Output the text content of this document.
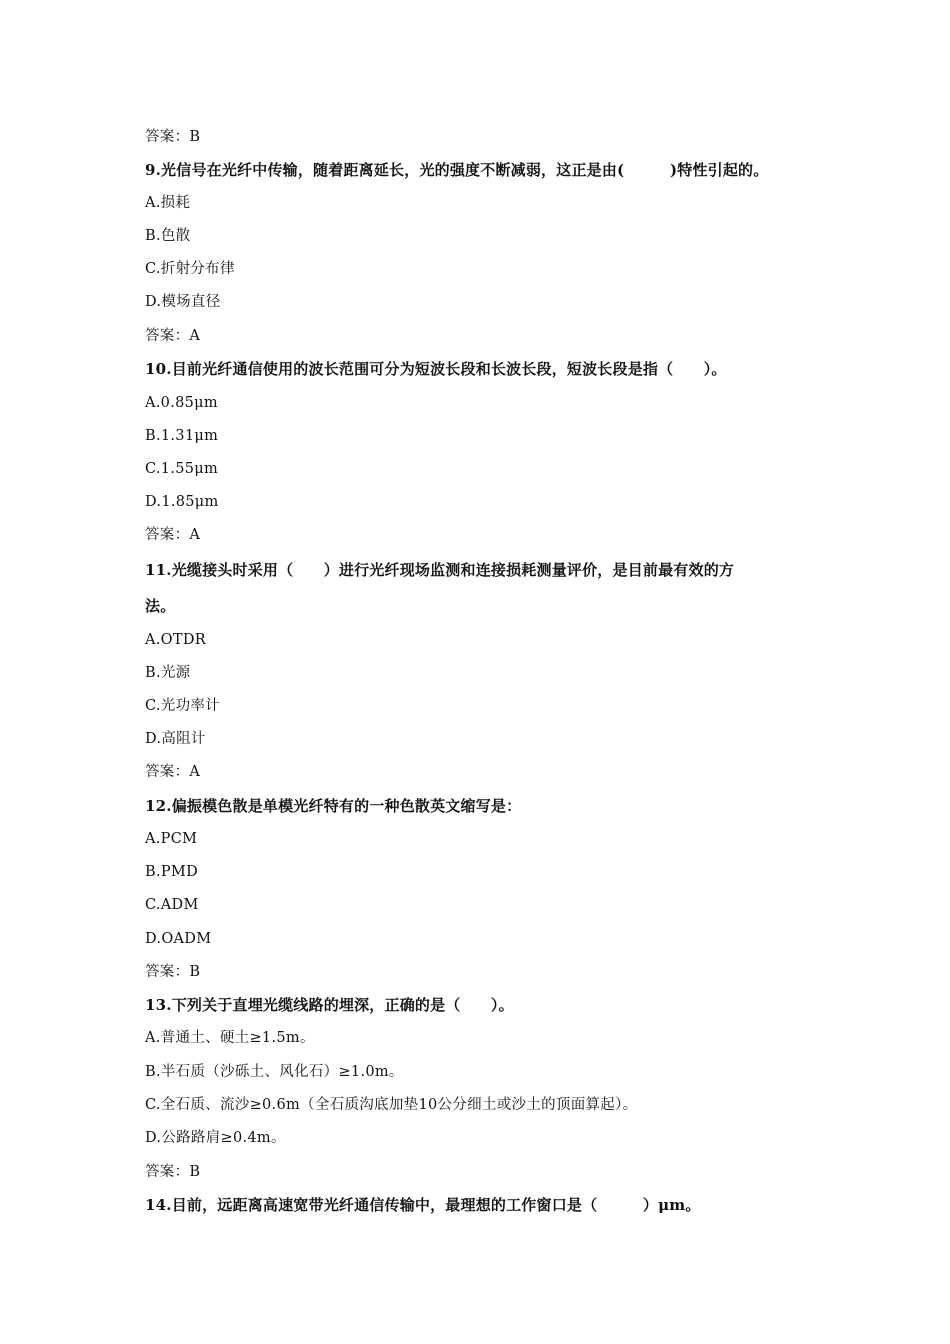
答案：B
9.光信号在光纤中传输，随着距离延长，光的强度不断减弱，这正是由(　　　)特性引起的。
A.损耗
B.色散
C.折射分布律
D.模场直径
答案：A
10.目前光纤通信使用的波长范围可分为短波长段和长波长段，短波长段是指（　　）。
A.0.85μm
B.1.31μm
C.1.55μm
D.1.85μm
答案：A
11.光缆接头时采用（　　）进行光纤现场监测和连接损耗测量评价，是目前最有效的方
法。
A.OTDR
B.光源
C.光功率计
D.高阻计
答案：A
12.偏振模色散是单模光纤特有的一种色散英文缩写是：
A.PCM
B.PMD
C.ADM
D.OADM
答案：B
13.下列关于直埋光缆线路的埋深，正确的是（　　）。
A.普通土、硬土≥1.5m。
B.半石质（沙砾土、风化石）≥1.0m。
C.全石质、流沙≥0.6m（全石质沟底加垫10公分细土或沙土的顶面算起）。
D.公路路肩≥0.4m。
答案：B
14.目前，远距离高速宽带光纤通信传输中，最理想的工作窗口是（　　　）μm。
